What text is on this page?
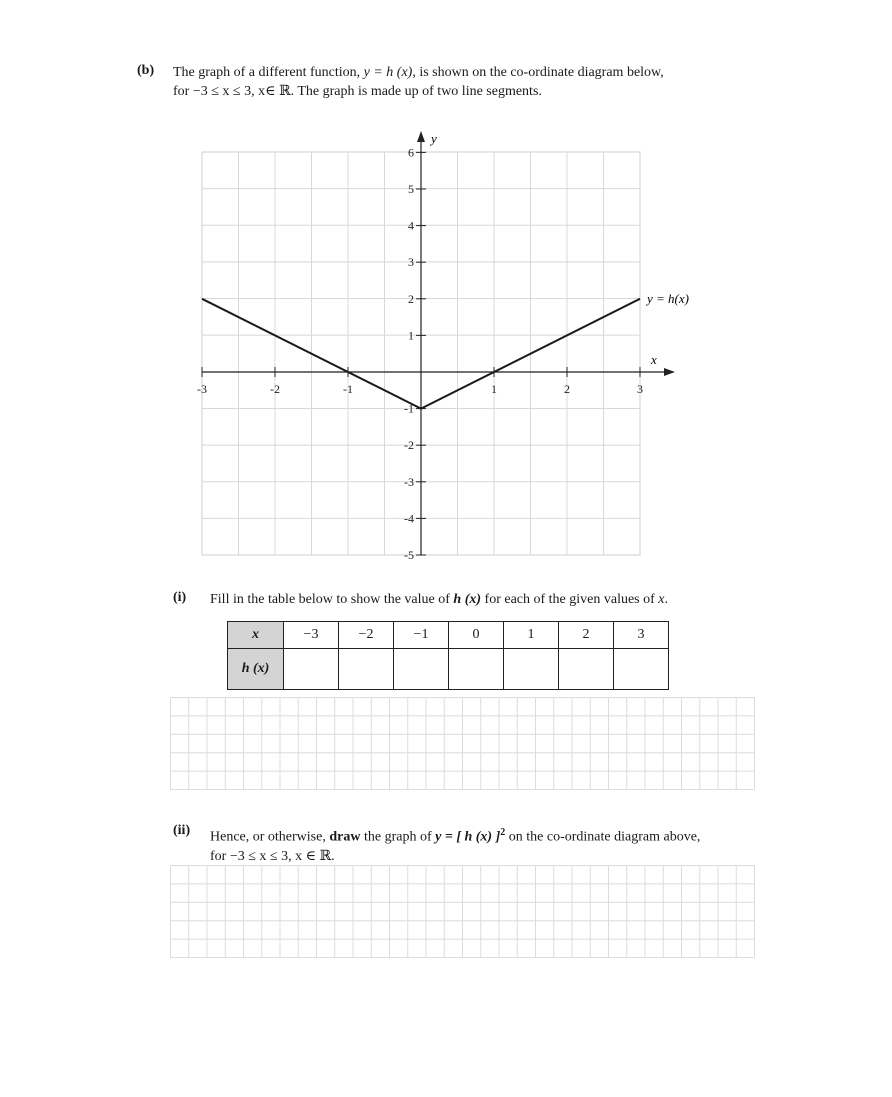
(b) The graph of a different function, y = h (x), is shown on the co-ordinate diagram below,
for −3 ≤ x ≤ 3, x∈ ℝ. The graph is made up of two line segments.
-3	-2	-1	1	2	3
6
5
4
3
2
1
-1
-2
-3
-4
-5
x
y
y = h(x)
(i) Fill in the table below to show the value of h (x) for each of the given values of x.
x	−3	−2	−1	0	1	2	3
h (x)							
(ii) Hence, or otherwise, draw the graph of y = [ h (x) ]$^2$ on the co-ordinate diagram above,
for −3 ≤ x ≤ 3, x ∈ ℝ.
